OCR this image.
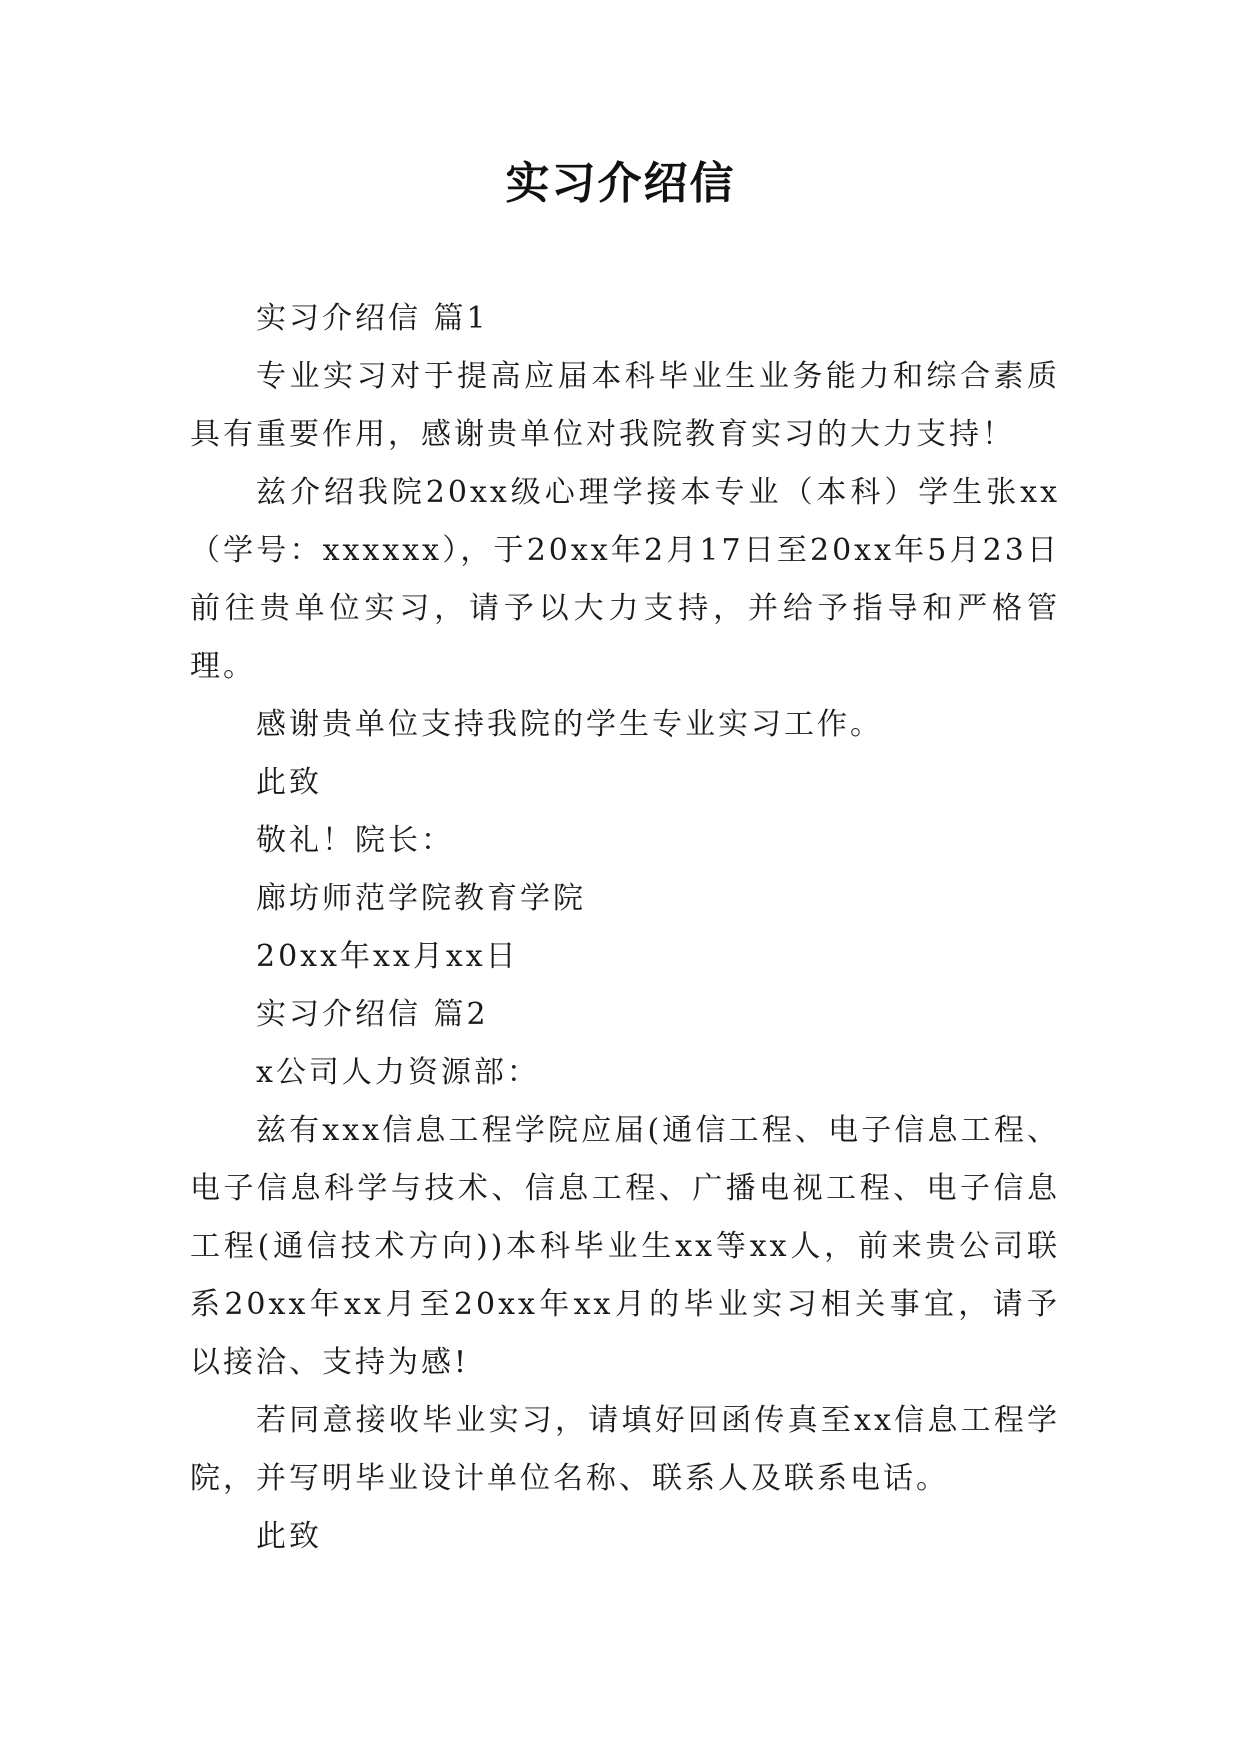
实习介绍信

实习介绍信 篇1

专业实习对于提高应届本科毕业生业务能力和综合素质具有重要作用，感谢贵单位对我院教育实习的大力支持！

兹介绍我院20xx级心理学接本专业（本科）学生张xx（学号：xxxxxx），于20xx年2月17日至20xx年5月23日前往贵单位实习，请予以大力支持，并给予指导和严格管理。

感谢贵单位支持我院的学生专业实习工作。

此致

敬礼！院长：

廊坊师范学院教育学院

20xx年xx月xx日

实习介绍信 篇2

x公司人力资源部：

兹有xxx信息工程学院应届(通信工程、电子信息工程、电子信息科学与技术、信息工程、广播电视工程、电子信息工程(通信技术方向))本科毕业生xx等xx人，前来贵公司联系20xx年xx月至20xx年xx月的毕业实习相关事宜，请予以接洽、支持为感!

若同意接收毕业实习，请填好回函传真至xx信息工程学院，并写明毕业设计单位名称、联系人及联系电话。

此致
